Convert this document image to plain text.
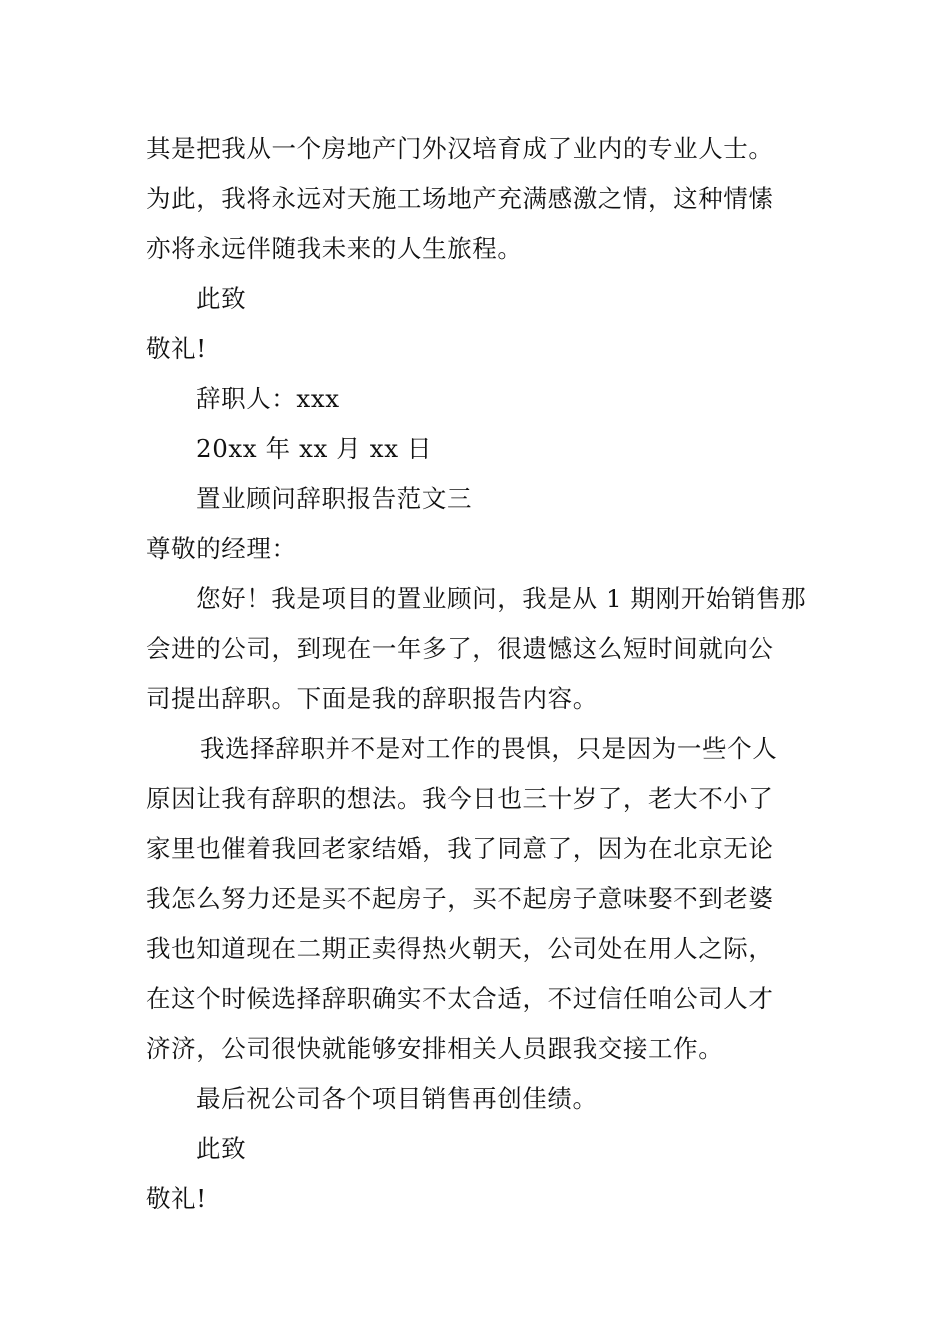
其是把我从一个房地产门外汉培育成了业内的专业人士。
为此，我将永远对天施工场地产充满感激之情，这种情愫
亦将永远伴随我未来的人生旅程。
此致
敬礼!
辞职人：xxx
20xx 年 xx 月 xx 日
置业顾问辞职报告范文三
尊敬的经理：
您好！我是项目的置业顾问，我是从 1 期刚开始销售那
会进的公司，到现在一年多了，很遗憾这么短时间就向公
司提出辞职。下面是我的辞职报告内容。
我选择辞职并不是对工作的畏惧，只是因为一些个人
原因让我有辞职的想法。我今日也三十岁了，老大不小了
家里也催着我回老家结婚，我了同意了，因为在北京无论
我怎么努力还是买不起房子，买不起房子意味娶不到老婆
我也知道现在二期正卖得热火朝天，公司处在用人之际，
在这个时候选择辞职确实不太合适，不过信任咱公司人才
济济，公司很快就能够安排相关人员跟我交接工作。
最后祝公司各个项目销售再创佳绩。
此致
敬礼!
